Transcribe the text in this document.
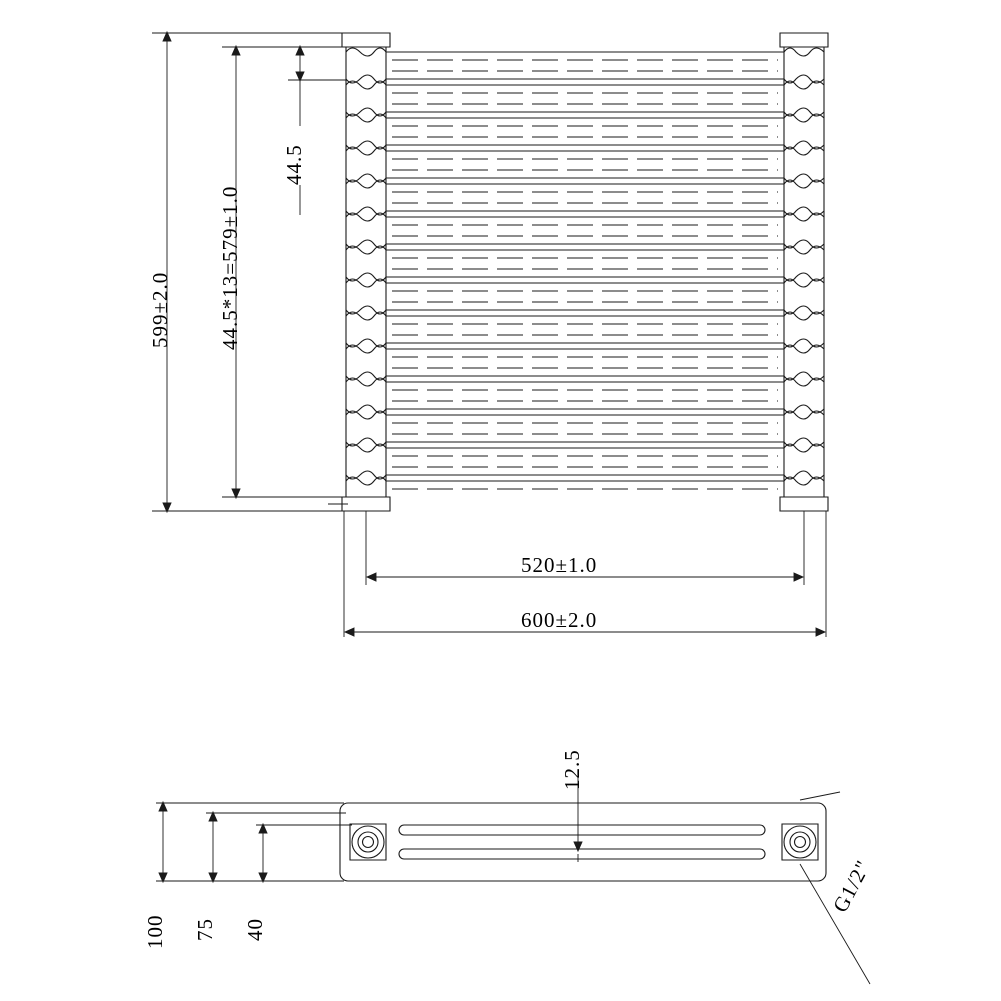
599±2.0 44.5*13=579±1.0
44.5
520±1.0
600±2.0
12.5
100 75 40
G1/2"
